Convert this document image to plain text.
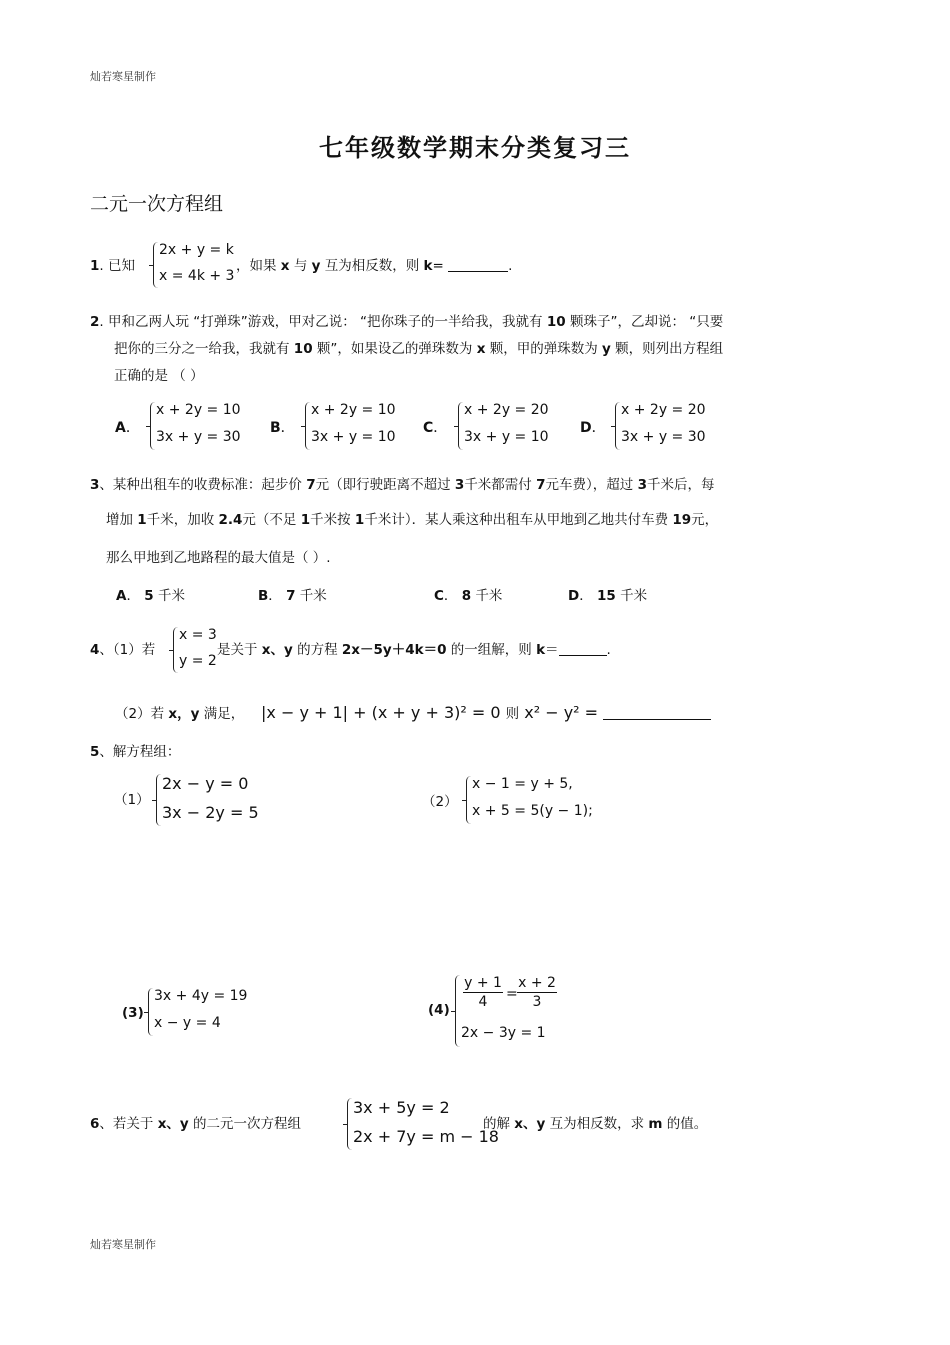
灿若寒星制作
七年级数学期末分类复习三
二元一次方程组
1. 已知
2x + y = k
x = 4k + 3
，如果 x 与 y 互为相反数，则 k=	.
2. 甲和乙两人玩 “打弹珠”游戏，甲对乙说： “把你珠子的一半给我，我就有 10 颗珠子”，乙却说： “只要
把你的三分之一给我，我就有 10 颗”，如果设乙的弹珠数为 x 颗，甲的弹珠数为 y 颗，则列出方程组
正确的是 （ ）
A．
x + 2y = 10
3x + y = 30
B．
x + 2y = 10
3x + y = 10
C．
x + 2y = 20
3x + y = 10
D．
x + 2y = 20
3x + y = 30
3、某种出租车的收费标准：起步价 7元（即行驶距离不超过 3千米都需付 7元车费），超过 3千米后，每
增加 1千米，加收 2.4元（不足 1千米按 1千米计）．某人乘这种出租车从甲地到乙地共付车费 19元，
那么甲地到乙地路程的最大值是（ ）.
A． 5 千米	B． 7 千米	C． 8 千米	D． 15 千米
4、（1）若
x = 3
y = 2
是关于 x、y 的方程 2x－5y＋4k＝0 的一组解，则 k＝	.
（2）若 x，y 满足， |x − y + 1| + (x + y + 3)² = 0 则 x² − y² =
5、解方程组：
（1）
2x − y = 0
3x − 2y = 5
（2）
x − 1 = y + 5,
x + 5 = 5(y − 1);
(3)
3x + 4y = 19
x − y = 4
(4)
y + 1
4	=
x + 2
3
2x − 3y = 1
6、若关于 x、y 的二元一次方程组
3x + 5y = 2
2x + 7y = m − 18
的解 x、y 互为相反数，求 m 的值。
灿若寒星制作
